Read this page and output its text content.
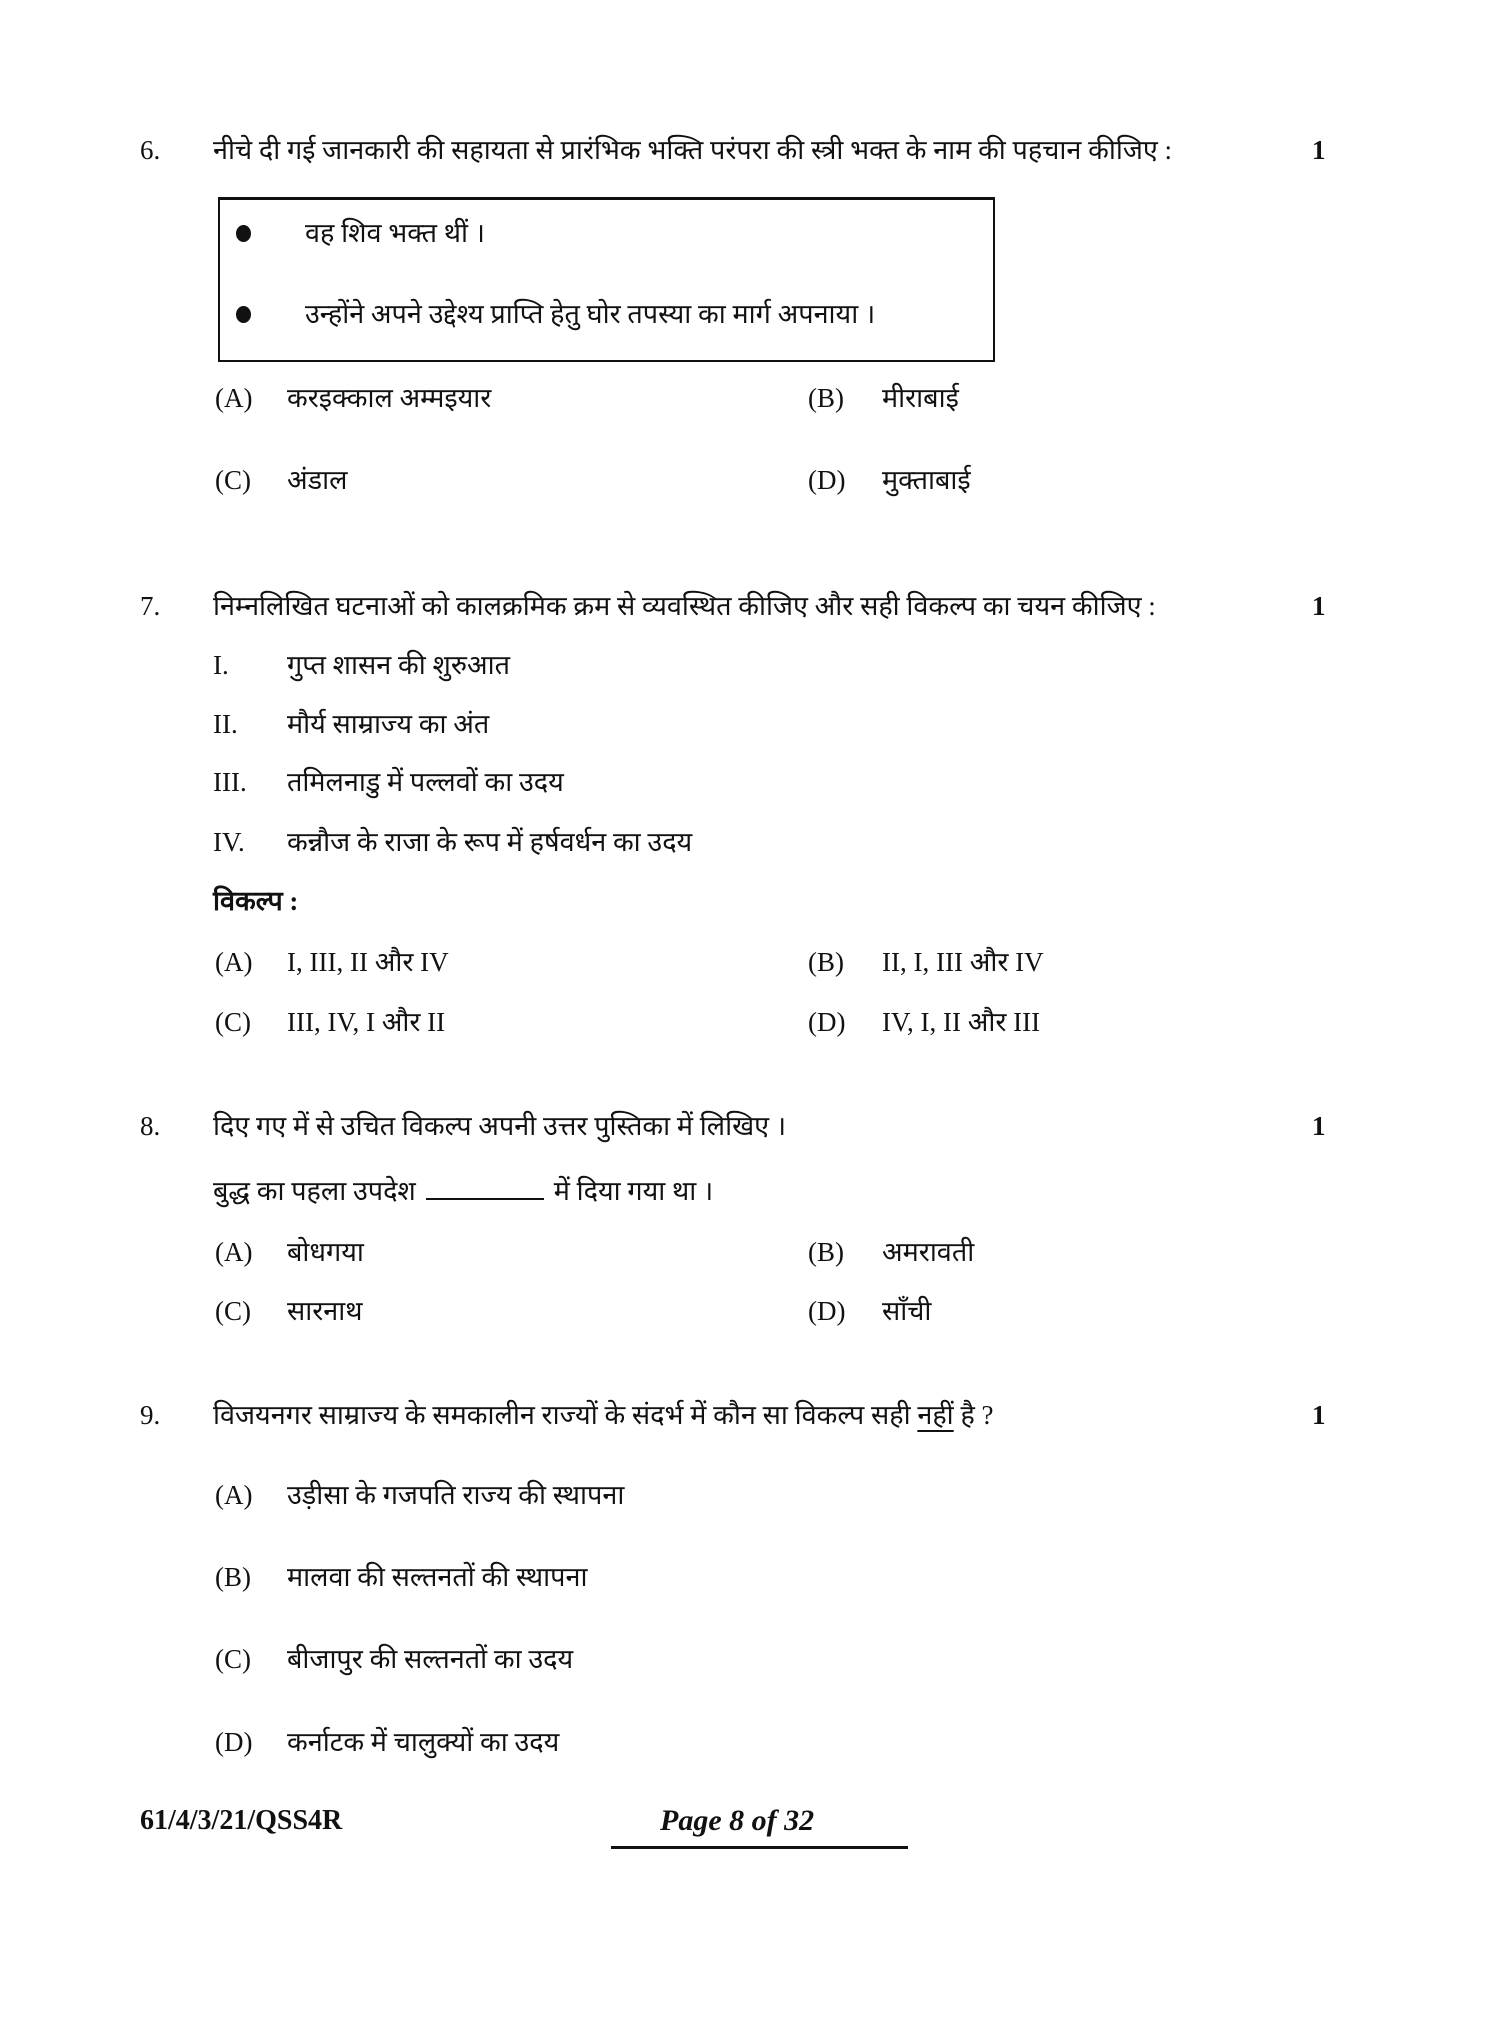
6. नीचे दी गई जानकारी की सहायता से प्रारंभिक भक्ति परंपरा की स्त्री भक्त के नाम की पहचान कीजिए :	1
वह शिव भक्त थीं ।
उन्होंने अपने उद्देश्य प्राप्ति हेतु घोर तपस्या का मार्ग अपनाया ।
(A) करइक्काल अम्मइयार	(B) मीराबाई
(C) अंडाल	(D) मुक्ताबाई
7. निम्नलिखित घटनाओं को कालक्रमिक क्रम से व्यवस्थित कीजिए और सही विकल्प का चयन कीजिए :	1
I. गुप्त शासन की शुरुआत
II. मौर्य साम्राज्य का अंत
III. तमिलनाडु में पल्लवों का उदय
IV. कन्नौज के राजा के रूप में हर्षवर्धन का उदय
विकल्प :
(A) I, III, II और IV	(B) II, I, III और IV
(C) III, IV, I और II	(D) IV, I, II और III
8. दिए गए में से उचित विकल्प अपनी उत्तर पुस्तिका में लिखिए ।	1
बुद्ध का पहला उपदेश	में दिया गया था ।
(A) बोधगया	(B) अमरावती
(C) सारनाथ	(D) साँची
9. विजयनगर साम्राज्य के समकालीन राज्यों के संदर्भ में कौन सा विकल्प सही नहीं है ?	1
(A) उड़ीसा के गजपति राज्य की स्थापना
(B) मालवा की सल्तनतों की स्थापना
(C) बीजापुर की सल्तनतों का उदय
(D) कर्नाटक में चालुक्यों का उदय
61/4/3/21/QSS4R	Page 8 of 32
